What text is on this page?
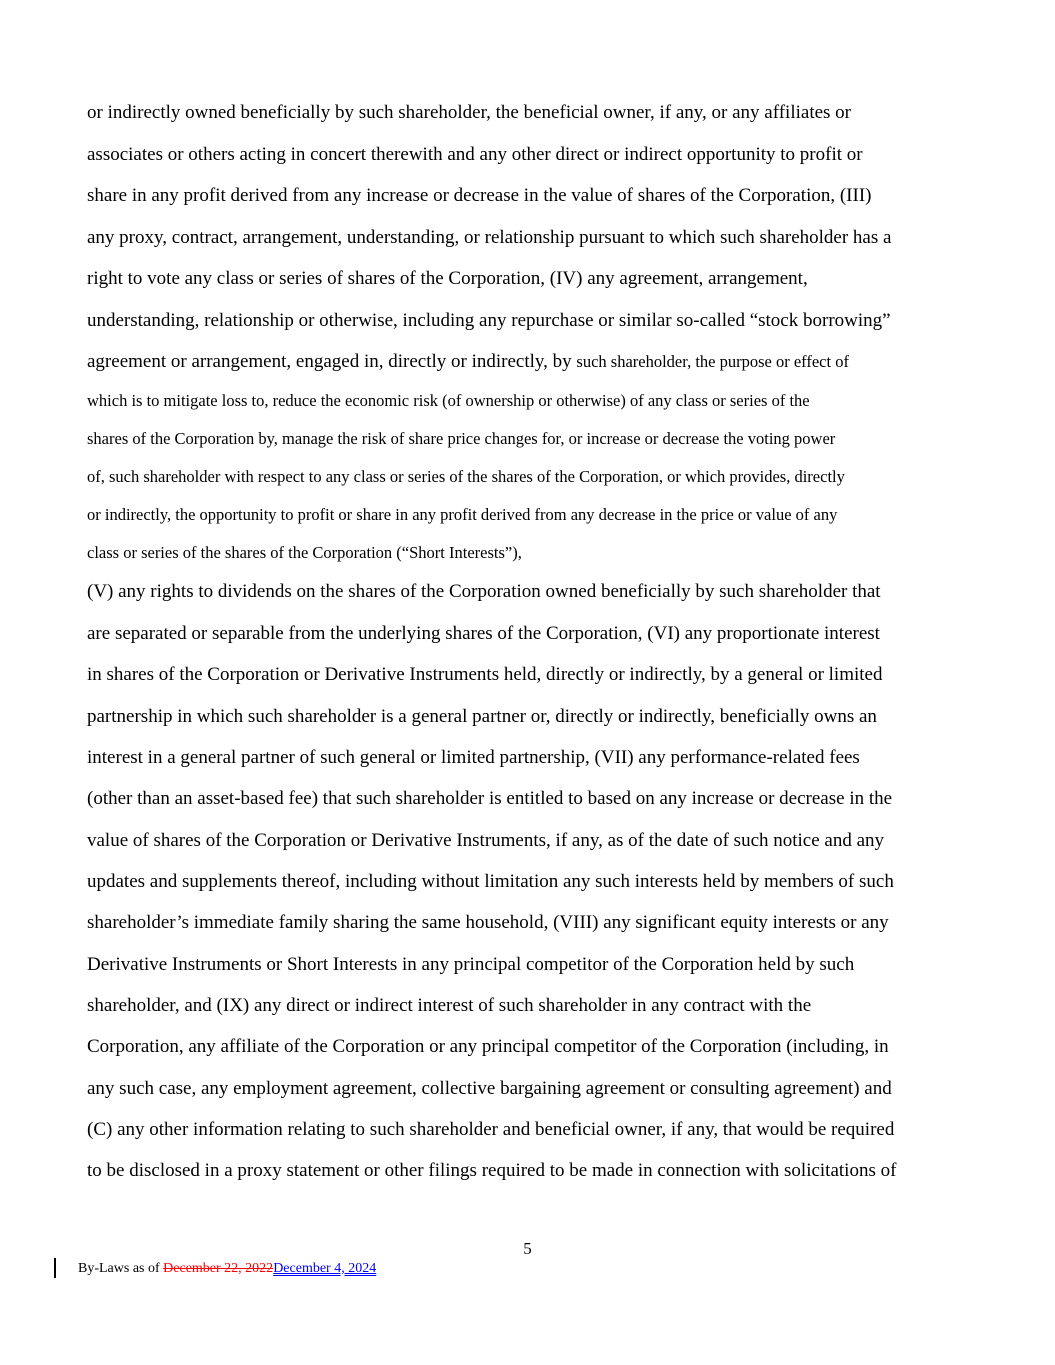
or indirectly owned beneficially by such shareholder, the beneficial owner, if any, or any affiliates or
associates or others acting in concert therewith and any other direct or indirect opportunity to profit or
share in any profit derived from any increase or decrease in the value of shares of the Corporation, (III)
any proxy, contract, arrangement, understanding, or relationship pursuant to which such shareholder has a
right to vote any class or series of shares of the Corporation, (IV) any agreement, arrangement,
understanding, relationship or otherwise, including any repurchase or similar so-called “stock borrowing”
agreement or arrangement, engaged in, directly or indirectly, by such shareholder, the purpose or effect of
which is to mitigate loss to, reduce the economic risk (of ownership or otherwise) of any class or series of the
shares of the Corporation by, manage the risk of share price changes for, or increase or decrease the voting power
of, such shareholder with respect to any class or series of the shares of the Corporation, or which provides, directly
or indirectly, the opportunity to profit or share in any profit derived from any decrease in the price or value of any
class or series of the shares of the Corporation (“Short Interests”),
(V) any rights to dividends on the shares of the Corporation owned beneficially by such shareholder that
are separated or separable from the underlying shares of the Corporation, (VI) any proportionate interest
in shares of the Corporation or Derivative Instruments held, directly or indirectly, by a general or limited
partnership in which such shareholder is a general partner or, directly or indirectly, beneficially owns an
interest in a general partner of such general or limited partnership, (VII) any performance-related fees
(other than an asset-based fee) that such shareholder is entitled to based on any increase or decrease in the
value of shares of the Corporation or Derivative Instruments, if any, as of the date of such notice and any
updates and supplements thereof, including without limitation any such interests held by members of such
shareholder’s immediate family sharing the same household, (VIII) any significant equity interests or any
Derivative Instruments or Short Interests in any principal competitor of the Corporation held by such
shareholder, and (IX) any direct or indirect interest of such shareholder in any contract with the
Corporation, any affiliate of the Corporation or any principal competitor of the Corporation (including, in
any such case, any employment agreement, collective bargaining agreement or consulting agreement) and
(C) any other information relating to such shareholder and beneficial owner, if any, that would be required
to be disclosed in a proxy statement or other filings required to be made in connection with solicitations of
5
By-Laws as of December 22, 2022December 4, 2024
